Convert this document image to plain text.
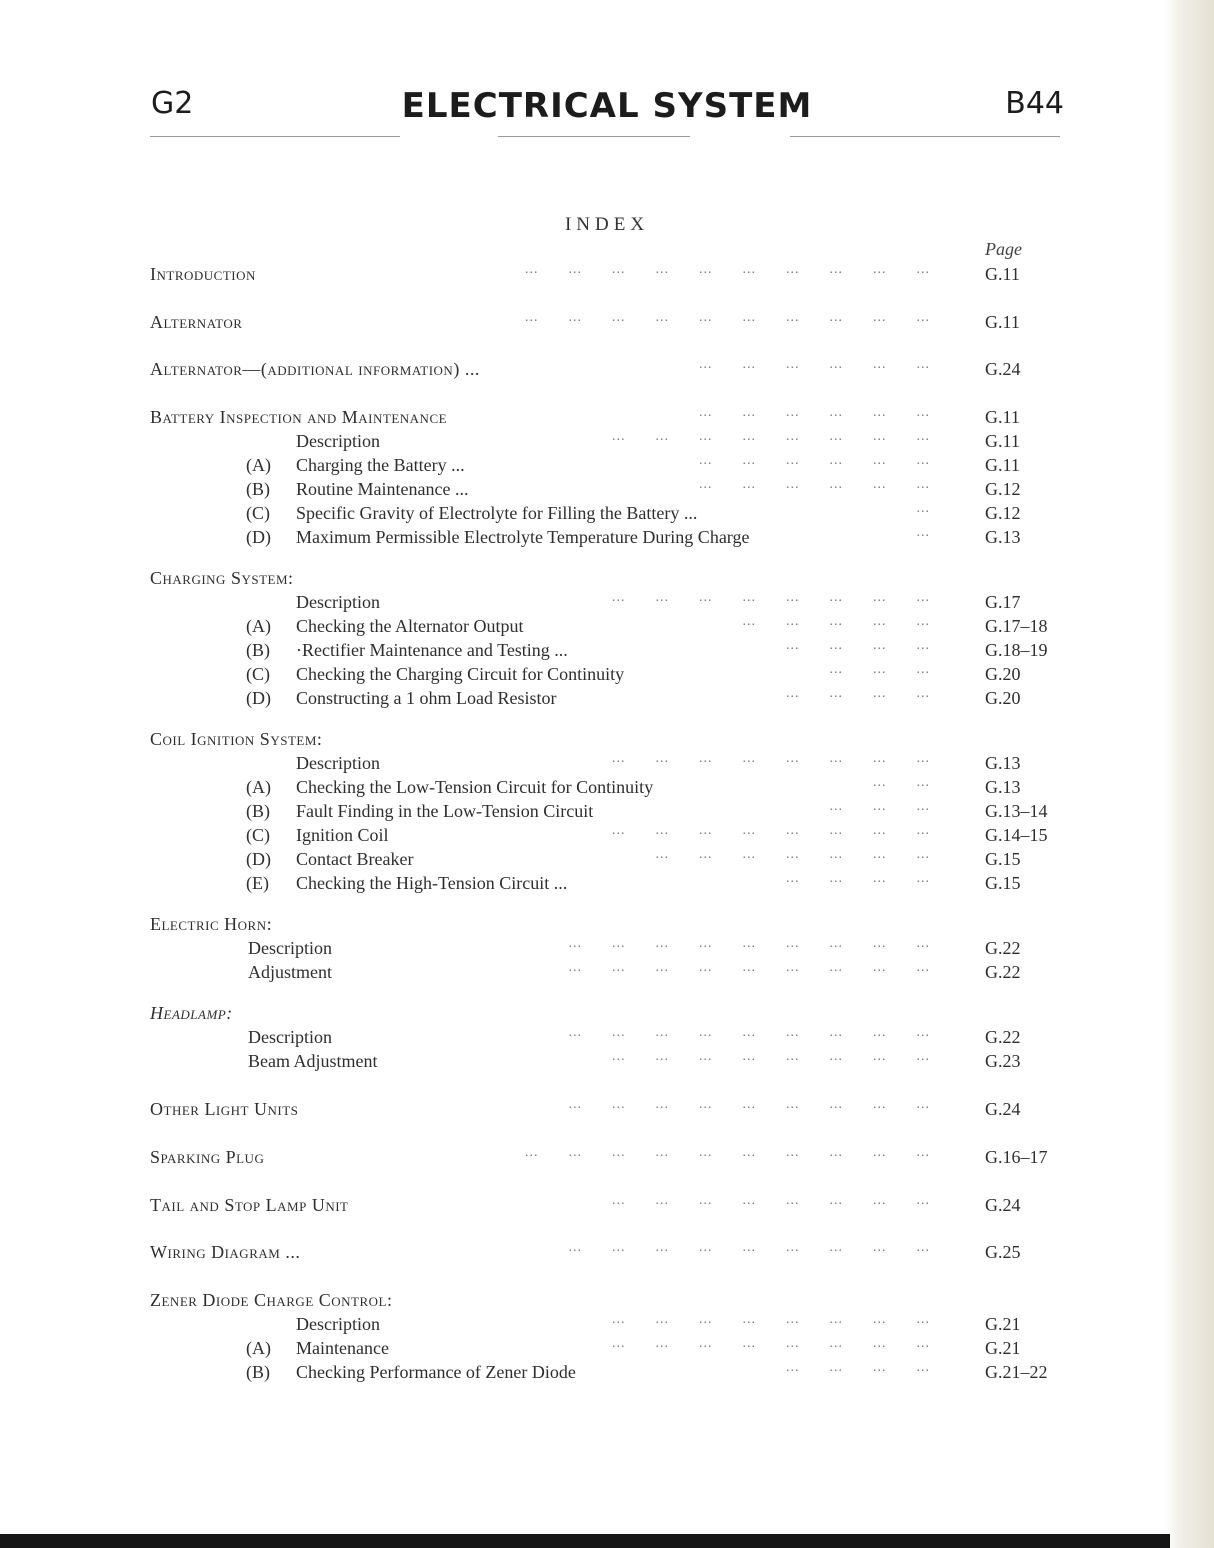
G2	ELECTRICAL SYSTEM	B44
INDEX
Page
Introduction	...  ...  ...  ...  ...  ...  ...  ...  ...  ...	G.11
Alternator	...  ...  ...  ...  ...  ...  ...  ...  ...  ...	G.11
Alternator—(additional information) ...	...  ...  ...  ...  ...  ...	G.24
Battery Inspection and Maintenance	...  ...  ...  ...  ...  ...	G.11
Description	...  ...  ...  ...  ...  ...  ...  ...	G.11
(A) Charging the Battery ...	...  ...  ...  ...  ...  ...	G.11
(B) Routine Maintenance ...	...  ...  ...  ...  ...  ...	G.12
(C) Specific Gravity of Electrolyte for Filling the Battery ...	...	G.12
(D) Maximum Permissible Electrolyte Temperature During Charge	...	G.13
Charging System:
Description	...  ...  ...  ...  ...  ...  ...  ...	G.17
(A) Checking the Alternator Output	...  ...  ...  ...  ...	G.17–18
(B) ·Rectifier Maintenance and Testing ...	...  ...  ...  ...	G.18–19
(C) Checking the Charging Circuit for Continuity	...  ...  ...	G.20
(D) Constructing a 1 ohm Load Resistor	...  ...  ...  ...	G.20
Coil Ignition System:
Description	...  ...  ...  ...  ...  ...  ...  ...	G.13
(A) Checking the Low-Tension Circuit for Continuity	...  ...	G.13
(B) Fault Finding in the Low-Tension Circuit	...  ...  ...	G.13–14
(C) Ignition Coil	...  ...  ...  ...  ...  ...  ...  ...	G.14–15
(D) Contact Breaker	...  ...  ...  ...  ...  ...  ...	G.15
(E) Checking the High-Tension Circuit ...	...  ...  ...  ...	G.15
Electric Horn:
Description	...  ...  ...  ...  ...  ...  ...  ...  ...	G.22
Adjustment	...  ...  ...  ...  ...  ...  ...  ...  ...	G.22
Headlamp:
Description	...  ...  ...  ...  ...  ...  ...  ...  ...	G.22
Beam Adjustment	...  ...  ...  ...  ...  ...  ...  ...	G.23
Other Light Units	...  ...  ...  ...  ...  ...  ...  ...  ...	G.24
Sparking Plug	...  ...  ...  ...  ...  ...  ...  ...  ...  ...	G.16–17
Tail and Stop Lamp Unit	...  ...  ...  ...  ...  ...  ...  ...	G.24
Wiring Diagram ...	...  ...  ...  ...  ...  ...  ...  ...  ...	G.25
Zener Diode Charge Control:
Description	...  ...  ...  ...  ...  ...  ...  ...	G.21
(A) Maintenance	...  ...  ...  ...  ...  ...  ...  ...	G.21
(B) Checking Performance of Zener Diode	...  ...  ...  ...	G.21–22
